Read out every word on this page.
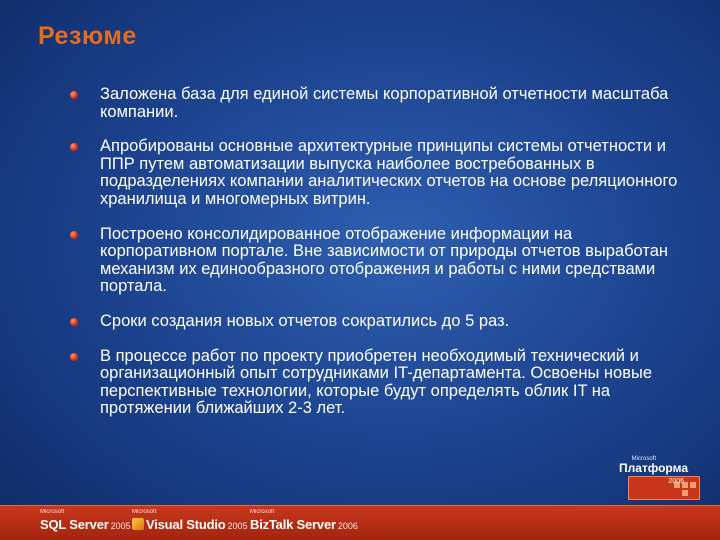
Резюме
Заложена база для единой системы корпоративной отчетности масштаба компании.
Апробированы основные архитектурные принципы системы отчетности и ППР путем автоматизации выпуска наиболее востребованных в подразделениях компании аналитических отчетов на основе реляционного хранилища и многомерных витрин.
Построено консолидированное отображение информации на корпоративном портале. Вне зависимости от природы отчетов выработан механизм их единообразного отображения и работы с ними средствами портала.
Сроки создания новых отчетов сократились до 5 раз.
В процессе работ по проекту приобретен необходимый технический и организационный опыт сотрудниками IT-департамента. Освоены новые перспективные технологии, которые будут определять облик IT на протяжении ближайших 2-3 лет.
Microsoft
Платформа
2006
Microsoft
SQL Server 2005
Microsoft
Visual Studio 2005
Microsoft
BizTalk Server 2006
